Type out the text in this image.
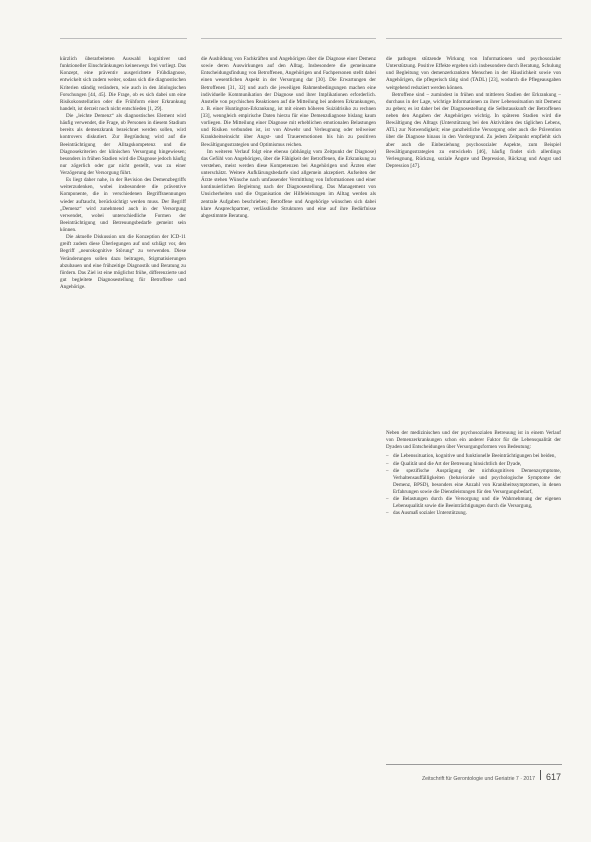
kürzlich überarbeiteten Auswahl kognitiver und funktioneller Einschränkungen keineswegs frei vorliegt. Das Konzept, eine präventiv ausgerichtete Frühdiagnose, entwickelt sich zudem weiter, sodass sich die diagnostischen Kriterien ständig verändern, wie auch in den ätiologischen Forschungen [44, 45]. Die Frage, ob es sich dabei um eine Risikokonstellation oder die Frühform einer Erkrankung handelt, ist derzeit noch nicht entschieden [1, 29].

Die „leichte Demenz“ als diagnostisches Element wird häufig verwendet, die Frage, ob Personen in diesem Stadium bereits als demenzkrank bezeichnet werden sollen, wird kontrovers diskutiert. Zur Begründung wird auf die Beeinträchtigung der Alltagskompetenz und die Diagnosekriterien der klinischen Versorgung hingewiesen; besonders in frühen Stadien wird die Diagnose jedoch häufig nur zögerlich oder gar nicht gestellt, was zu einer Verzögerung der Versorgung führt.

Es liegt daher nahe, in der Revision des Demenzbegriffs weiterzudenken, wobei insbesondere die präventive Komponente, die in verschiedenen Begriffsnennungen wieder auftaucht, berücksichtigt werden muss. Der Begriff „Demenz“ wird zunehmend auch in der Versorgung verwendet, wobei unterschiedliche Formen der Beeinträchtigung und Betreuungsbedarfe gemeint sein können.

Die aktuelle Diskussion um die Konzeption der ICD-11 greift zudem diese Überlegungen auf und schlägt vor, den Begriff „neurokognitive Störung“ zu verwenden. Diese Veränderungen sollen dazu beitragen, Stigmatisierungen abzubauen und eine frühzeitige Diagnostik und Beratung zu fördern. Das Ziel ist eine möglichst frühe, differenzierte und gut begleitete Diagnosestellung für Betroffene und Angehörige.

die Ausbildung von Fachkräften und Angehörigen über die Diagnose einer Demenz sowie deren Auswirkungen auf den Alltag. Insbesondere die gemeinsame Entscheidungsfindung von Betroffenen, Angehörigen und Fachpersonen stellt dabei einen wesentlichen Aspekt in der Versorgung dar [30]. Die Erwartungen der Betroffenen [31, 32] und auch die jeweiligen Rahmenbedingungen machen eine individuelle Kommunikation der Diagnose und ihrer Implikationen erforderlich. Anstelle von psychischen Reaktionen auf die Mitteilung bei anderen Erkrankungen, z. B. einer Huntington-Erkrankung, ist mit einem höheren Suizidrisiko zu rechnen [33], wenngleich empirische Daten hierzu für eine Demenzdiagnose bislang kaum vorliegen. Die Mitteilung einer Diagnose mit erheblichen emotionalen Belastungen und Risiken verbunden ist, ist von Abwehr und Verleugnung oder teilweiser Krankheitseinsicht über Angst- und Traueremotionen bis hin zu positiven Bewältigungsstrategien und Optimismus reichen.

Im weiteren Verlauf folgt eine ebenso (abhängig vom Zeitpunkt der Diagnose) das Gefühl von Angehörigen, über die Fähigkeit der Betroffenen, die Erkrankung zu verstehen, meist werden diese Kompetenzen bei Angehörigen und Ärzten eher unterschätzt. Weitere Aufklärungsbedarfe sind allgemein akzeptiert. Aufseiten der Ärzte stehen Wünsche nach umfassender Vermittlung von Informationen und einer kontinuierlichen Begleitung nach der Diagnosestellung. Das Management von Unsicherheiten und die Organisation der Hilfeleistungen im Alltag werden als zentrale Aufgaben beschrieben; Betroffene und Angehörige wünschen sich dabei klare Ansprechpartner, verlässliche Strukturen und eine auf ihre Bedürfnisse abgestimmte Beratung.

die pathogen stützende Wirkung von Informationen und psychosozialer Unterstützung. Positive Effekte ergeben sich insbesondere durch Beratung, Schulung und Begleitung von demenzerkrankten Menschen in der Häuslichkeit sowie von Angehörigen, die pflegerisch tätig sind (TADL) [23], wodurch die Pflegeausgaben weitgehend reduziert werden können.

Betroffene sind – zumindest in frühen und mittleren Stadien der Erkrankung – durchaus in der Lage, wichtige Informationen zu ihrer Lebenssituation mit Demenz zu geben; es ist daher bei der Diagnosestellung die Selbstauskunft der Betroffenen neben den Angaben der Angehörigen wichtig. In späteren Stadien wird die Bewältigung des Alltags (Unterstützung bei den Aktivitäten des täglichen Lebens, ATL) zur Notwendigkeit; eine ganzheitliche Versorgung oder auch die Prävention über die Diagnose hinaus in den Vordergrund. Zu jedem Zeitpunkt empfiehlt sich aber auch die Einbeziehung psychosozialer Aspekte, zum Beispiel Bewältigungsstrategien zu entwickeln [46], häufig findet sich allerdings Verleugnung, Rückzug, soziale Ängste und Depression, Rückzug und Angst und Depression [47].

Neben der medizinischen und der psychosozialen Betreuung ist in einem Verlauf von Demenzerkrankungen schon ein anderer Faktor für die Lebensqualität der Dyaden und Entscheidungen über Versorgungsformen von Bedeutung:

– die Lebenssituation, kognitive und funktionelle Beeinträchtigungen bei beiden,
– die Qualität und die Art der Betreuung hinsichtlich der Dyade,
– die spezifische Ausprägung der nichtkognitiven Demenzsymptome, Verhaltensauffälligkeiten (behaviorale und psychologische Symptome der Demenz, BPSD), besonders eine Anzahl von Krankheitssymptomen, in denen Erfahrungen sowie die Dienstleistungen für den Versorgungsbedarf,
– die Belastungen durch die Versorgung und die Wahrnehmung der eigenen Lebensqualität sowie die Beeinträchtigungen durch die Versorgung,
– das Ausmaß sozialer Unterstützung.
Zeitschrift für Gerontologie und Geriatrie 7 · 2017 617
